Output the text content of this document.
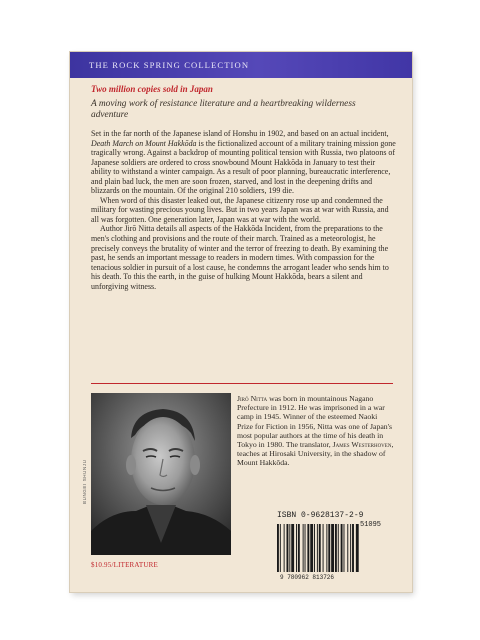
THE ROCK SPRING COLLECTION
Two million copies sold in Japan
A moving work of resistance literature and a heartbreaking wilderness adventure

Set in the far north of the Japanese island of Honshu in 1902, and based on an actual incident, Death March on Mount Hakkōda is the fictionalized account of a military training mission gone tragically wrong. Against a backdrop of mounting political tension with Russia, two platoons of Japanese soldiers are ordered to cross snowbound Mount Hakkōda in January to test their ability to withstand a winter campaign. As a result of poor planning, bureaucratic interference, and plain bad luck, the men are soon frozen, starved, and lost in the deepening drifts and blizzards on the mountain. Of the original 210 soldiers, 199 die.

When word of this disaster leaked out, the Japanese citizenry rose up and condemned the military for wasting precious young lives. But in two years Japan was at war with Russia, and all was forgotten. One generation later, Japan was at war with the world.

Author Jirō Nitta details all aspects of the Hakkōda Incident, from the preparations to the men's clothing and provisions and the route of their march. Trained as a meteorologist, he precisely conveys the brutality of winter and the terror of freezing to death. By examining the past, he sends an important message to readers in modern times. With compassion for the tenacious soldier in pursuit of a lost cause, he condemns the arrogant leader who sends him to his death. To this the earth, in the guise of hulking Mount Hakkōda, bears a silent and unforgiving witness.

BUNGEI SHUNJU
Jirō Nitta was born in mountainous Nagano Prefecture in 1912. He was imprisoned in a war camp in 1945. Winner of the esteemed Naoki Prize for Fiction in 1956, Nitta was one of Japan's most popular authors at the time of his death in Tokyo in 1980. The translator, James Westerhoven, teaches at Hirosaki University, in the shadow of Mount Hakkōda.
$10.95/LITERATURE
ISBN 0-9628137-2-9
51095
9 780962 813726
